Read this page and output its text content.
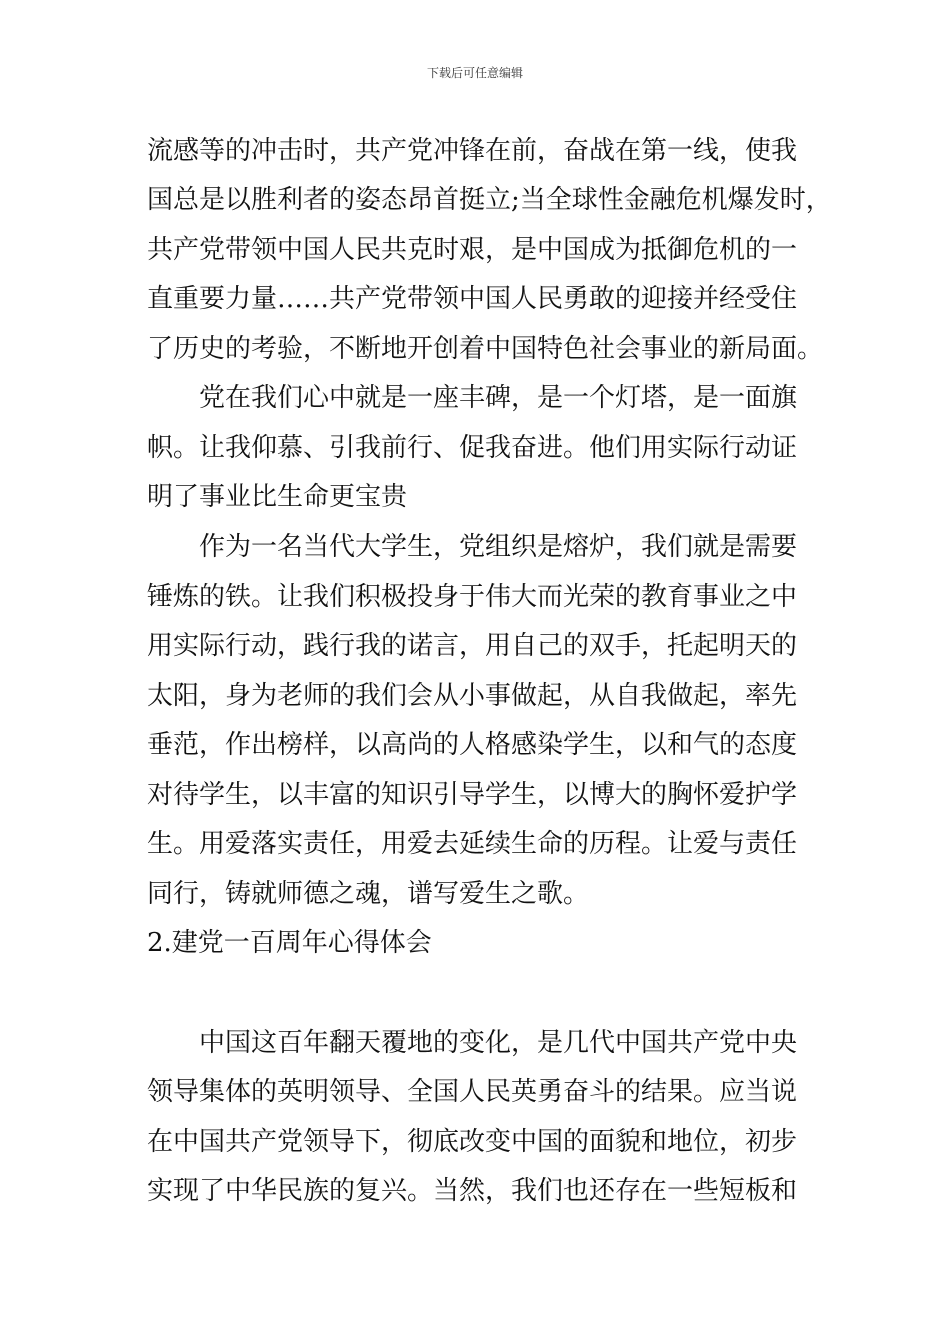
下载后可任意编辑
流感等的冲击时，共产党冲锋在前，奋战在第一线，使我
国总是以胜利者的姿态昂首挺立;当全球性金融危机爆发时，
共产党带领中国人民共克时艰，是中国成为抵御危机的一
直重要力量……共产党带领中国人民勇敢的迎接并经受住
了历史的考验，不断地开创着中国特色社会事业的新局面。
党在我们心中就是一座丰碑，是一个灯塔，是一面旗
帜。让我仰慕、引我前行、促我奋进。他们用实际行动证
明了事业比生命更宝贵
作为一名当代大学生，党组织是熔炉，我们就是需要
锤炼的铁。让我们积极投身于伟大而光荣的教育事业之中
用实际行动，践行我的诺言，用自己的双手，托起明天的
太阳，身为老师的我们会从小事做起，从自我做起，率先
垂范，作出榜样，以高尚的人格感染学生，以和气的态度
对待学生，以丰富的知识引导学生，以博大的胸怀爱护学
生。用爱落实责任，用爱去延续生命的历程。让爱与责任
同行，铸就师德之魂，谱写爱生之歌。
2.建党一百周年心得体会
中国这百年翻天覆地的变化，是几代中国共产党中央
领导集体的英明领导、全国人民英勇奋斗的结果。应当说
在中国共产党领导下，彻底改变中国的面貌和地位，初步
实现了中华民族的复兴。当然，我们也还存在一些短板和
